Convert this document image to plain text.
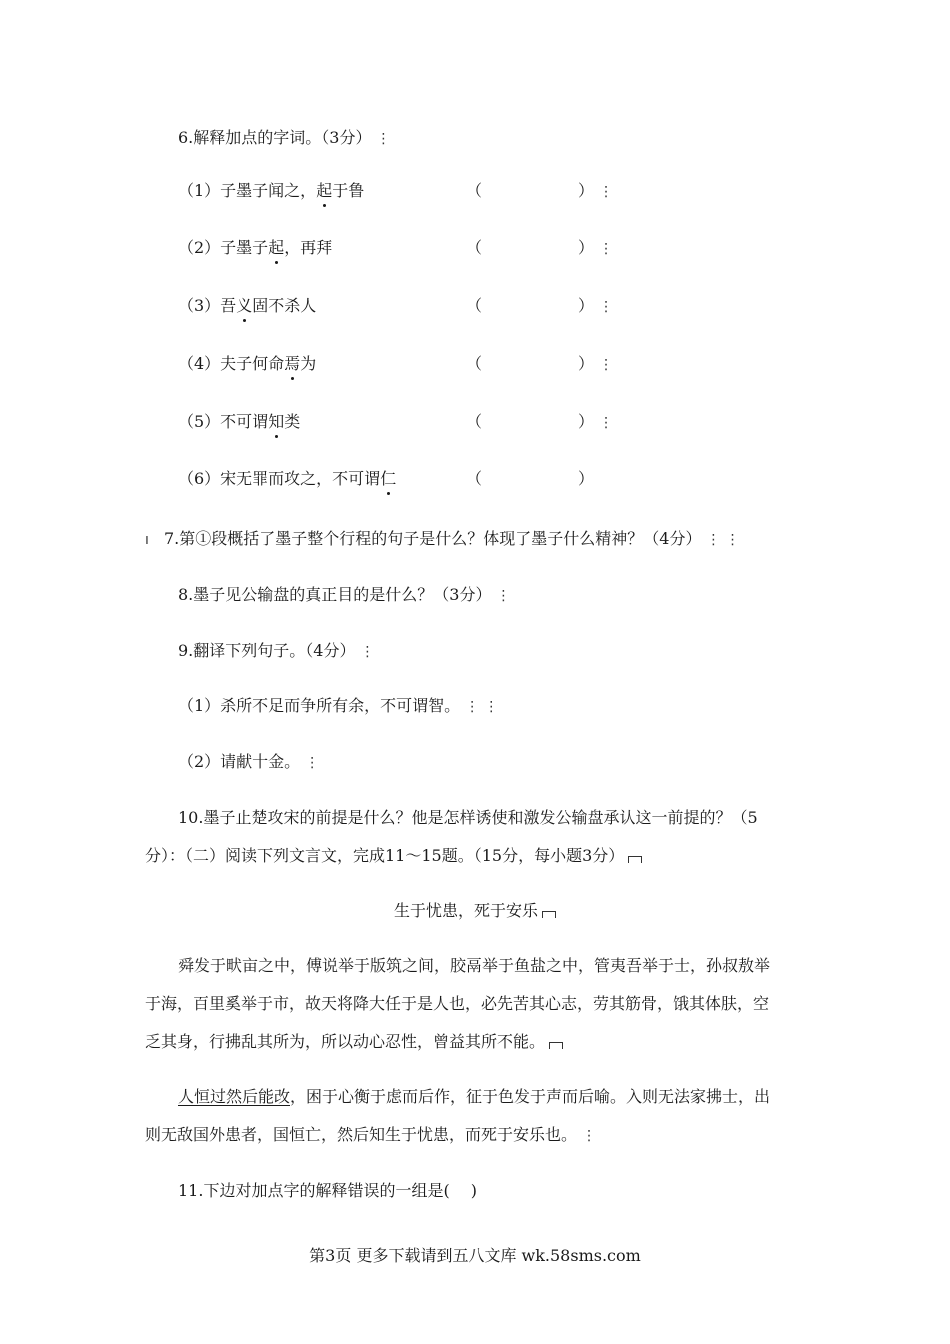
6.解释加点的字词。（3分） ⋮
（1）子墨子闻之，起于鲁	（	） ⋮
（2）子墨子起，再拜	（	） ⋮
（3）吾义固不杀人	（	） ⋮
（4）夫子何命焉为	（	） ⋮
（5）不可谓知类	（	） ⋮
（6）宋无罪而攻之，不可谓仁	（	）
ı 7.第①段概括了墨子整个行程的句子是什么？体现了墨子什么精神？（4分） ⋮ ⋮
8.墨子见公输盘的真正目的是什么？（3分） ⋮
9.翻译下列句子。（4分） ⋮
（1）杀所不足而争所有余，不可谓智。 ⋮ ⋮
（2）请献十金。 ⋮
10.墨子止楚攻宋的前提是什么？他是怎样诱使和激发公输盘承认这一前提的？（5
分）：（二）阅读下列文言文，完成11～15题。（15分，每小题3分）
生于忧患，死于安乐
舜发于畎亩之中，傅说举于版筑之间，胶鬲举于鱼盐之中，管夷吾举于士，孙叔敖举
于海，百里奚举于市，故天将降大任于是人也，必先苦其心志，劳其筋骨，饿其体肤，空
乏其身，行拂乱其所为，所以动心忍性，曾益其所不能。
人恒过然后能改，困于心衡于虑而后作，征于色发于声而后喻。入则无法家拂士，出
则无敌国外患者，国恒亡，然后知生于忧患，而死于安乐也。 ⋮
11.下边对加点字的解释错误的一组是(　 )
第3页 更多下载请到五八文库 wk.58sms.com
